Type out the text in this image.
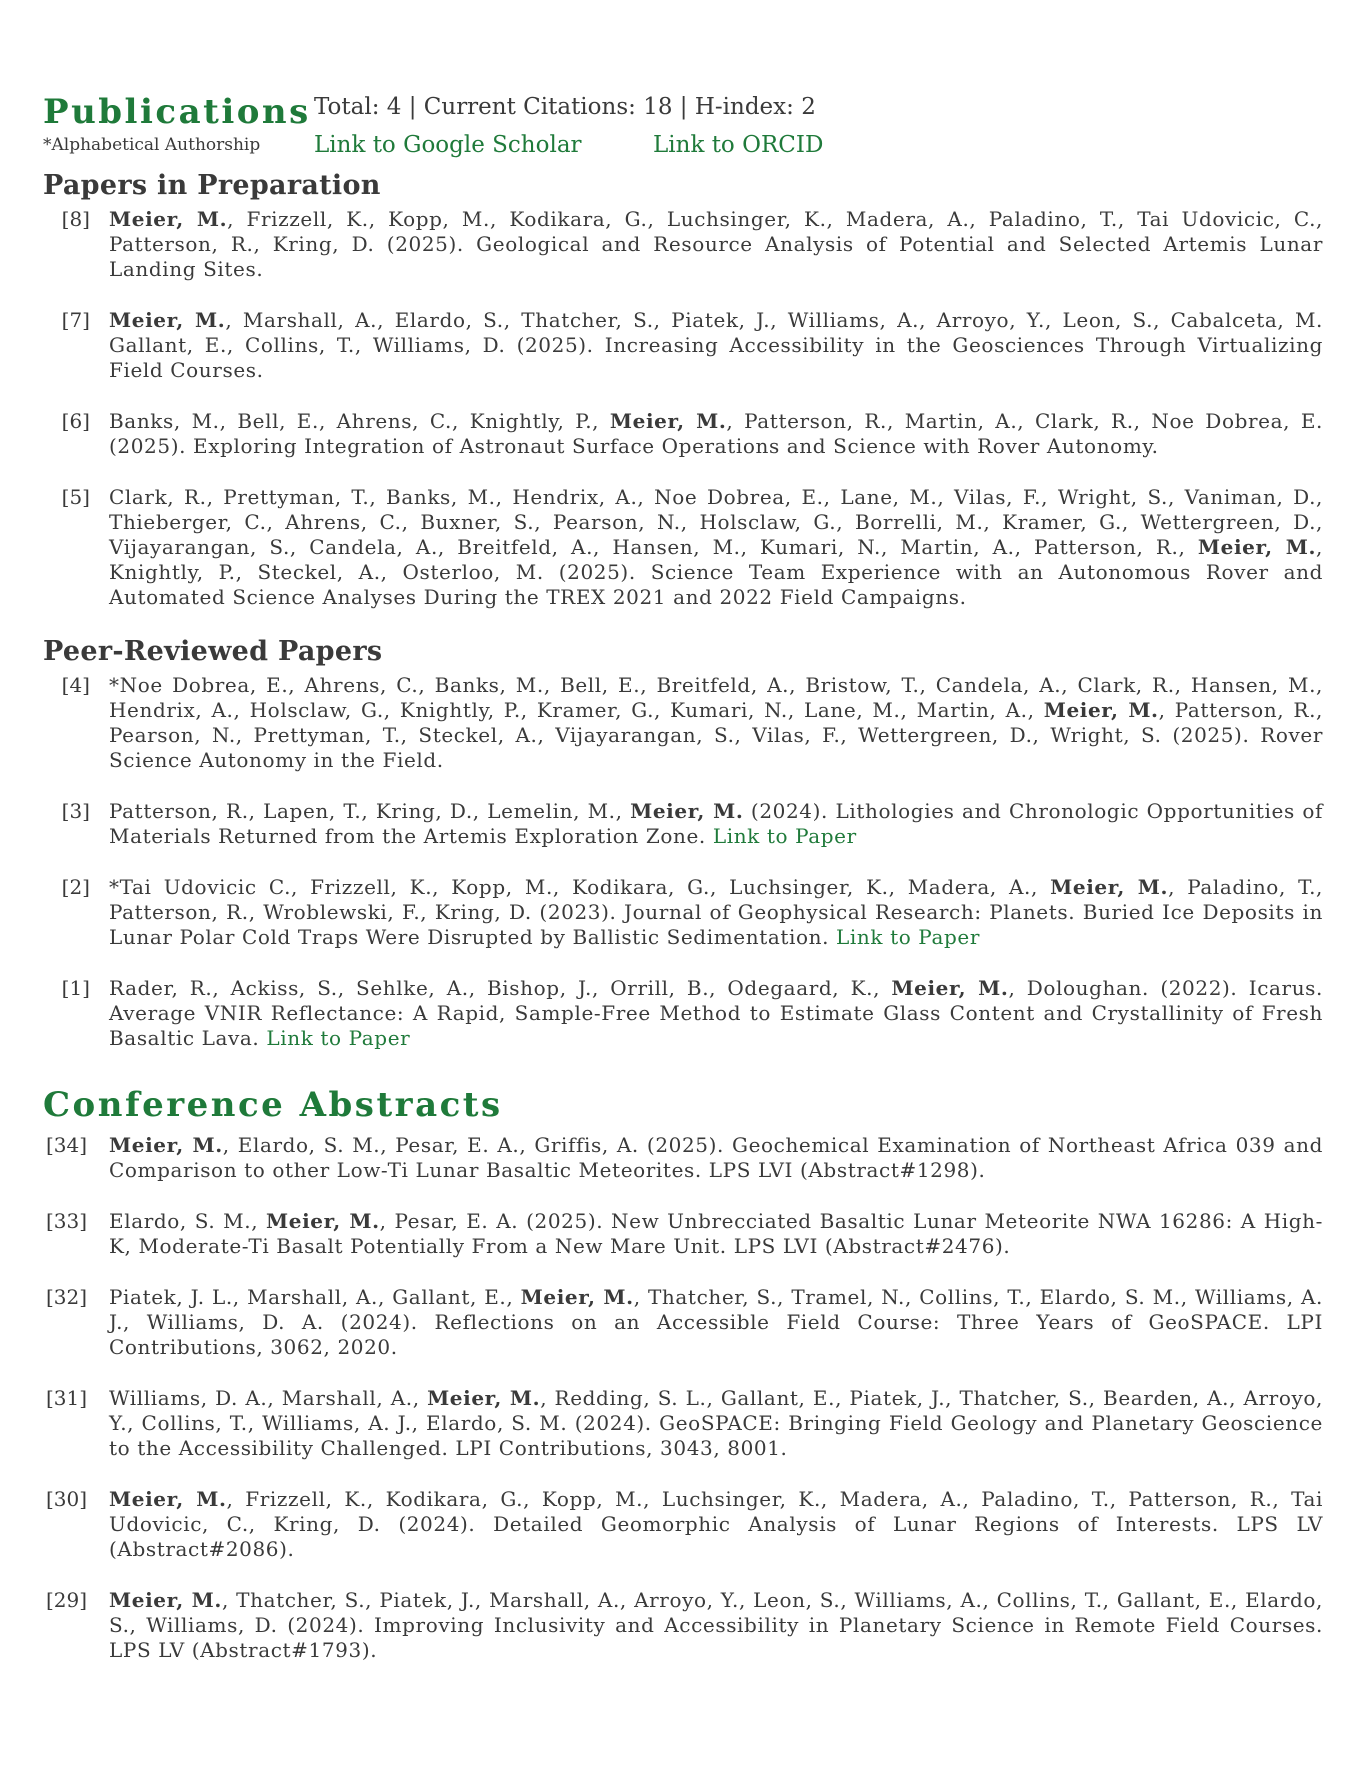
Publications Total: 4 | Current Citations: 18 | H-index: 2
*Alphabetical Authorship Link to Google Scholar	Link to ORCID
Papers in Preparation
[8] Meier, M., Frizzell, K., Kopp, M., Kodikara, G., Luchsinger, K., Madera, A., Paladino, T., Tai Udovicic, C., Patterson, R., Kring, D. (2025). Geological and Resource Analysis of Potential and Selected Artemis Lunar Landing Sites.
[7] Meier, M., Marshall, A., Elardo, S., Thatcher, S., Piatek, J., Williams, A., Arroyo, Y., Leon, S., Cabalceta, M. Gallant, E., Collins, T., Williams, D. (2025). Increasing Accessibility in the Geosciences Through Virtualizing Field Courses.
[6] Banks, M., Bell, E., Ahrens, C., Knightly, P., Meier, M., Patterson, R., Martin, A., Clark, R., Noe Dobrea, E. (2025). Exploring Integration of Astronaut Surface Operations and Science with Rover Autonomy.
[5] Clark, R., Prettyman, T., Banks, M., Hendrix, A., Noe Dobrea, E., Lane, M., Vilas, F., Wright, S., Vaniman, D., Thieberger, C., Ahrens, C., Buxner, S., Pearson, N., Holsclaw, G., Borrelli, M., Kramer, G., Wettergreen, D., Vijayarangan, S., Candela, A., Breitfeld, A., Hansen, M., Kumari, N., Martin, A., Patterson, R., Meier, M., Knightly, P., Steckel, A., Osterloo, M. (2025). Science Team Experience with an Autonomous Rover and Automated Science Analyses During the TREX 2021 and 2022 Field Campaigns.
Peer-Reviewed Papers
[4] *Noe Dobrea, E., Ahrens, C., Banks, M., Bell, E., Breitfeld, A., Bristow, T., Candela, A., Clark, R., Hansen, M., Hendrix, A., Holsclaw, G., Knightly, P., Kramer, G., Kumari, N., Lane, M., Martin, A., Meier, M., Patterson, R., Pearson, N., Prettyman, T., Steckel, A., Vijayarangan, S., Vilas, F., Wettergreen, D., Wright, S. (2025). Rover Science Autonomy in the Field.
[3] Patterson, R., Lapen, T., Kring, D., Lemelin, M., Meier, M. (2024). Lithologies and Chronologic Opportunities of Materials Returned from the Artemis Exploration Zone. Link to Paper
[2] *Tai Udovicic C., Frizzell, K., Kopp, M., Kodikara, G., Luchsinger, K., Madera, A., Meier, M., Paladino, T., Patterson, R., Wroblewski, F., Kring, D. (2023). Journal of Geophysical Research: Planets. Buried Ice Deposits in Lunar Polar Cold Traps Were Disrupted by Ballistic Sedimentation. Link to Paper
[1] Rader, R., Ackiss, S., Sehlke, A., Bishop, J., Orrill, B., Odegaard, K., Meier, M., Doloughan. (2022). Icarus. Average VNIR Reflectance: A Rapid, Sample-Free Method to Estimate Glass Content and Crystallinity of Fresh Basaltic Lava. Link to Paper
Conference Abstracts
[34] Meier, M., Elardo, S. M., Pesar, E. A., Griffis, A. (2025). Geochemical Examination of Northeast Africa 039 and Comparison to other Low-Ti Lunar Basaltic Meteorites. LPS LVI (Abstract#1298).
[33] Elardo, S. M., Meier, M., Pesar, E. A. (2025). New Unbrecciated Basaltic Lunar Meteorite NWA 16286: A High-K, Moderate-Ti Basalt Potentially From a New Mare Unit. LPS LVI (Abstract#2476).
[32] Piatek, J. L., Marshall, A., Gallant, E., Meier, M., Thatcher, S., Tramel, N., Collins, T., Elardo, S. M., Williams, A. J., Williams, D. A. (2024). Reflections on an Accessible Field Course: Three Years of GeoSPACE. LPI Contributions, 3062, 2020.
[31] Williams, D. A., Marshall, A., Meier, M., Redding, S. L., Gallant, E., Piatek, J., Thatcher, S., Bearden, A., Arroyo, Y., Collins, T., Williams, A. J., Elardo, S. M. (2024). GeoSPACE: Bringing Field Geology and Planetary Geoscience to the Accessibility Challenged. LPI Contributions, 3043, 8001.
[30] Meier, M., Frizzell, K., Kodikara, G., Kopp, M., Luchsinger, K., Madera, A., Paladino, T., Patterson, R., Tai Udovicic, C., Kring, D. (2024). Detailed Geomorphic Analysis of Lunar Regions of Interests. LPS LV (Abstract#2086).
[29] Meier, M., Thatcher, S., Piatek, J., Marshall, A., Arroyo, Y., Leon, S., Williams, A., Collins, T., Gallant, E., Elardo, S., Williams, D. (2024). Improving Inclusivity and Accessibility in Planetary Science in Remote Field Courses. LPS LV (Abstract#1793).
